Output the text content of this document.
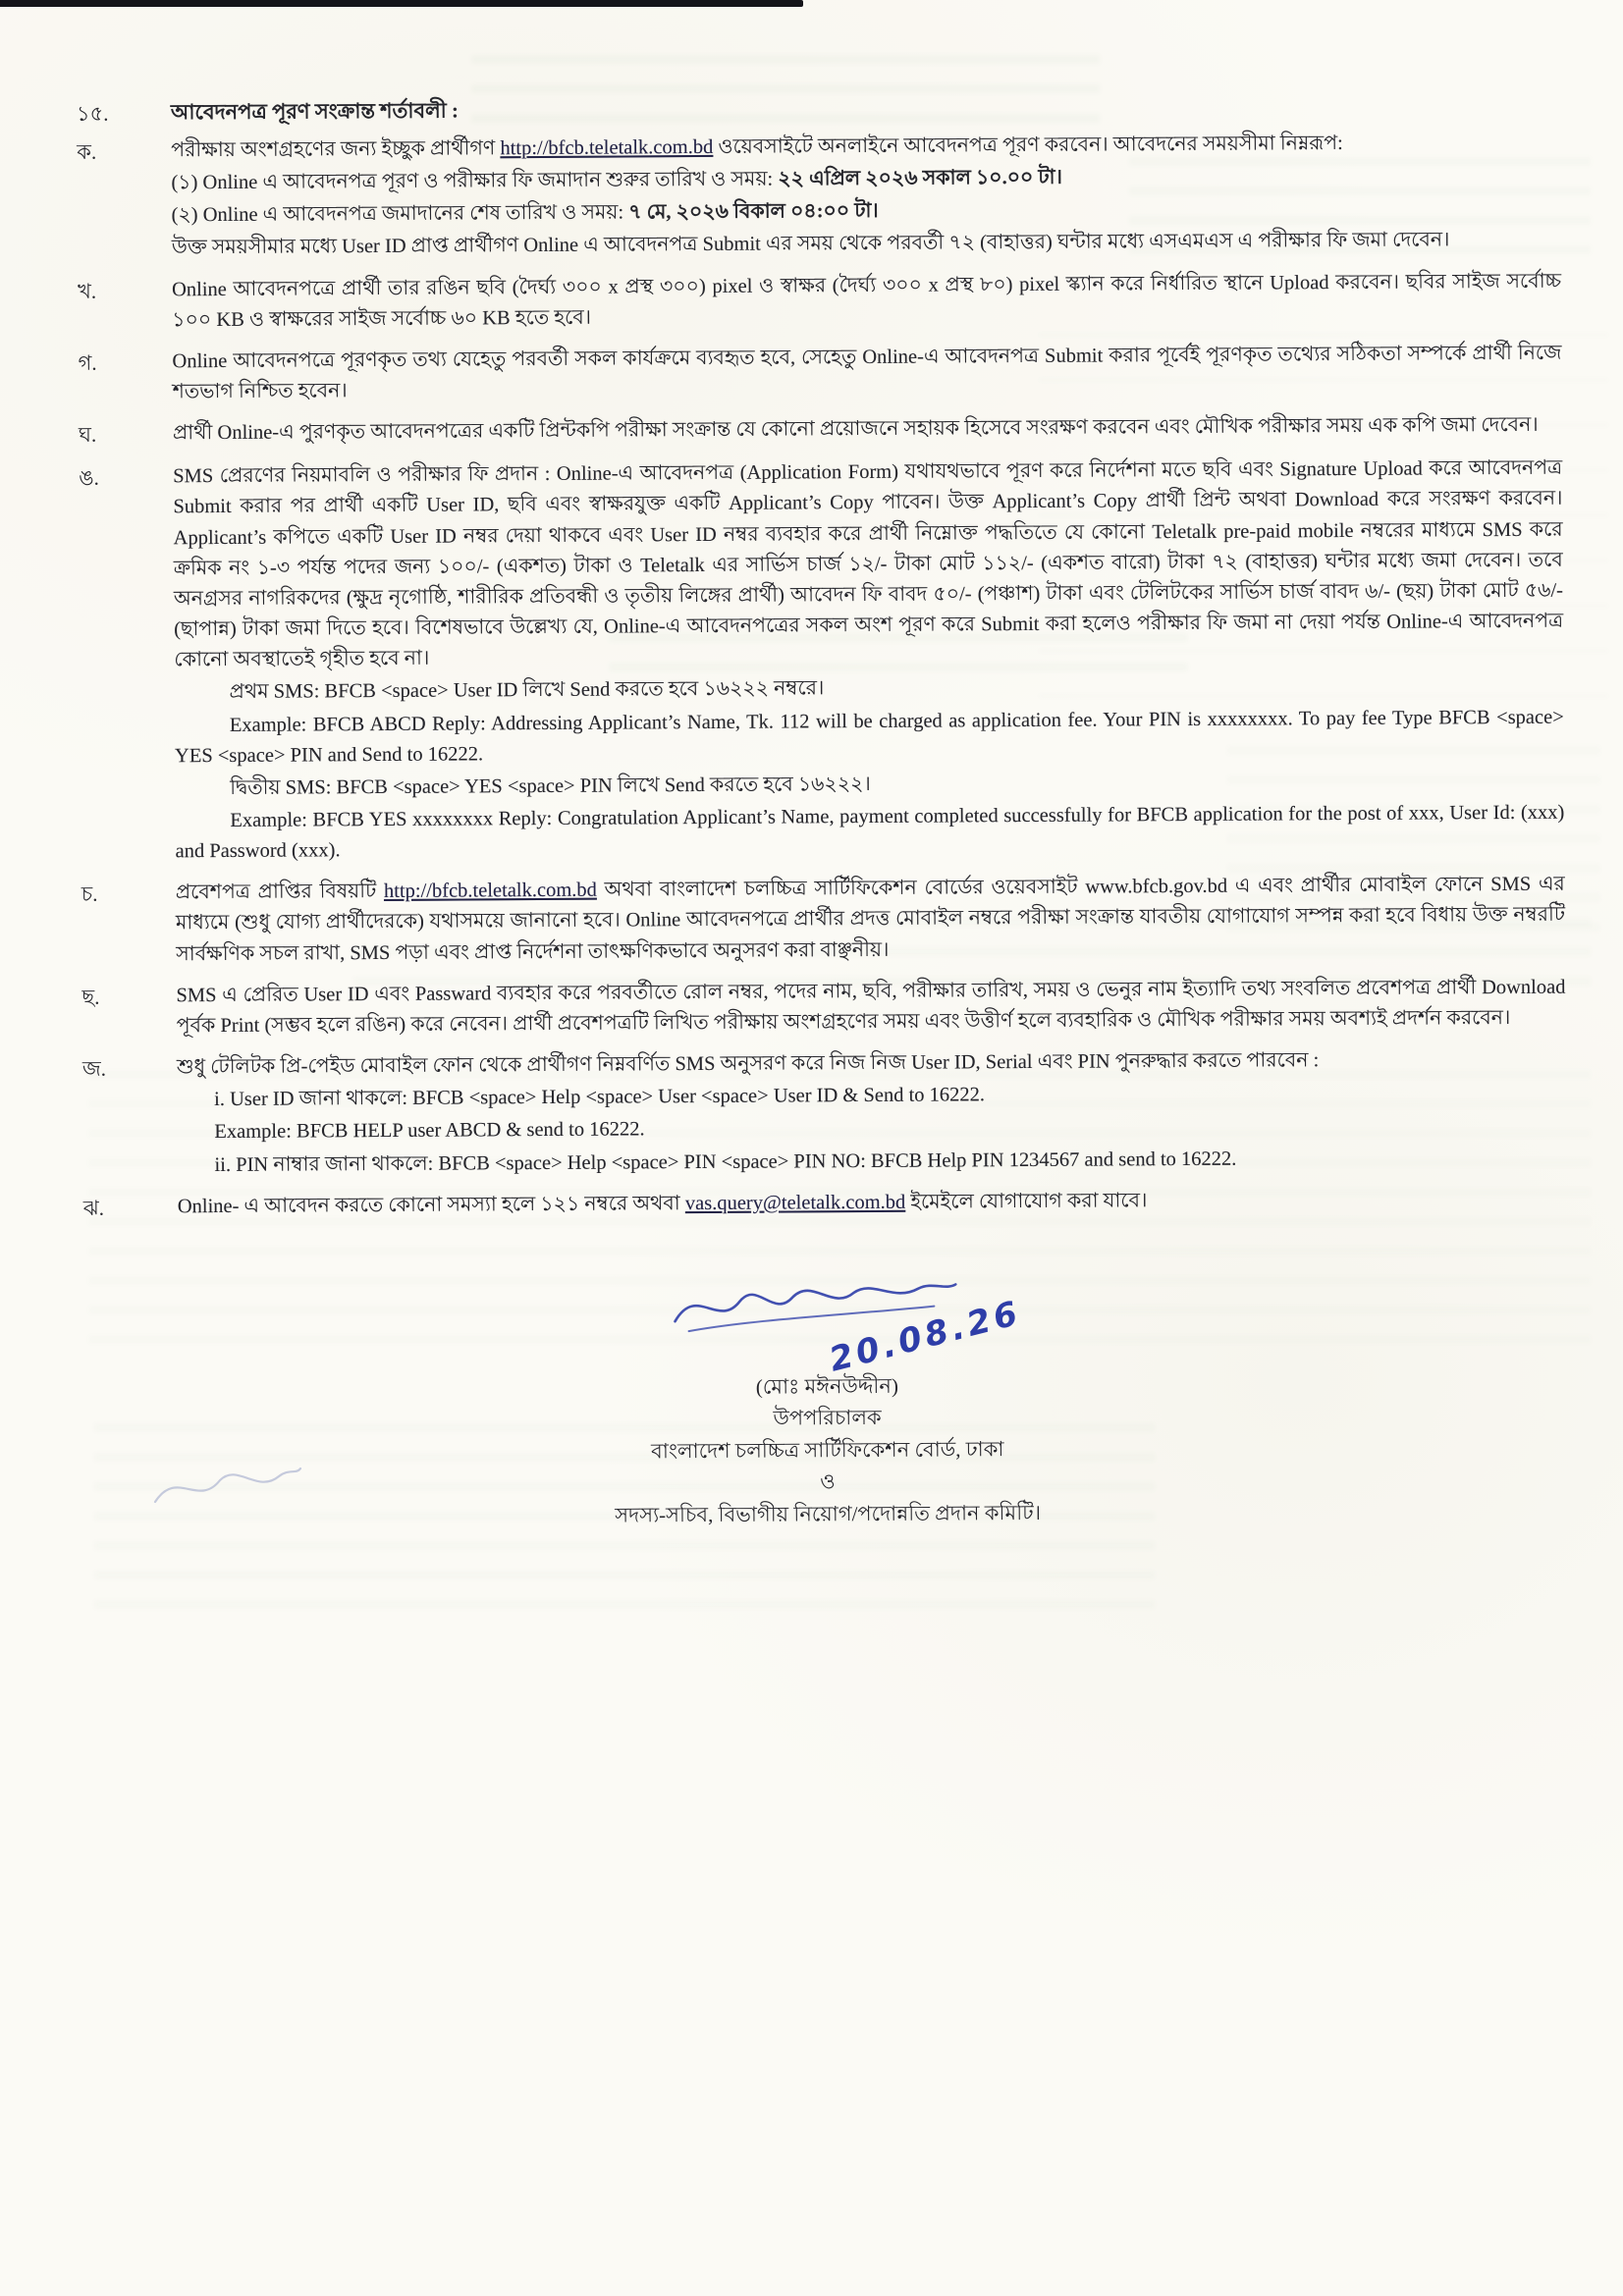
১৫.	আবেদনপত্র পূরণ সংক্রান্ত শর্তাবলী :
ক.	পরীক্ষায় অংশগ্রহণের জন্য ইচ্ছুক প্রার্থীগণ http://bfcb.teletalk.com.bd ওয়েবসাইটে অনলাইনে আবেদনপত্র পূরণ করবেন। আবেদনের সময়সীমা নিম্নরূপ:

(১) Online এ আবেদনপত্র পূরণ ও পরীক্ষার ফি জমাদান শুরুর তারিখ ও সময়: ২২ এপ্রিল ২০২৬ সকাল ১০.০০ টা।

(২) Online এ আবেদনপত্র জমাদানের শেষ তারিখ ও সময়: ৭ মে, ২০২৬ বিকাল ০৪:০০ টা।

উক্ত সময়সীমার মধ্যে User ID প্রাপ্ত প্রার্থীগণ Online এ আবেদনপত্র Submit এর সময় থেকে পরবর্তী ৭২ (বাহাত্তর) ঘন্টার মধ্যে এসএমএস এ পরীক্ষার ফি জমা দেবেন।

খ.	Online আবেদনপত্রে প্রার্থী তার রঙিন ছবি (দৈর্ঘ্য ৩০০ x প্রস্থ ৩০০) pixel ও স্বাক্ষর (দৈর্ঘ্য ৩০০ x প্রস্থ ৮০) pixel স্ক্যান করে নির্ধারিত স্থানে Upload করবেন। ছবির সাইজ সর্বোচ্চ ১০০ KB ও স্বাক্ষরের সাইজ সর্বোচ্চ ৬০ KB হতে হবে।

গ.	Online আবেদনপত্রে পূরণকৃত তথ্য যেহেতু পরবর্তী সকল কার্যক্রমে ব্যবহৃত হবে, সেহেতু Online-এ আবেদনপত্র Submit করার পূর্বেই পূরণকৃত তথ্যের সঠিকতা সম্পর্কে প্রার্থী নিজে শতভাগ নিশ্চিত হবেন।

ঘ.	প্রার্থী Online-এ পুরণকৃত আবেদনপত্রের একটি প্রিন্টকপি পরীক্ষা সংক্রান্ত যে কোনো প্রয়োজনে সহায়ক হিসেবে সংরক্ষণ করবেন এবং মৌখিক পরীক্ষার সময় এক কপি জমা দেবেন।

ঙ.	SMS প্রেরণের নিয়মাবলি ও পরীক্ষার ফি প্রদান : Online-এ আবেদনপত্র (Application Form) যথাযথভাবে পূরণ করে নির্দেশনা মতে ছবি এবং Signature Upload করে আবেদনপত্র Submit করার পর প্রার্থী একটি User ID, ছবি এবং স্বাক্ষরযুক্ত একটি Applicant’s Copy পাবেন। উক্ত Applicant’s Copy প্রার্থী প্রিন্ট অথবা Download করে সংরক্ষণ করবেন। Applicant’s কপিতে একটি User ID নম্বর দেয়া থাকবে এবং User ID নম্বর ব্যবহার করে প্রার্থী নিম্নোক্ত পদ্ধতিতে যে কোনো Teletalk pre-paid mobile নম্বরের মাধ্যমে SMS করে ক্রমিক নং ১-৩ পর্যন্ত পদের জন্য ১০০/- (একশত) টাকা ও Teletalk এর সার্ভিস চার্জ ১২/- টাকা মোট ১১২/- (একশত বারো) টাকা ৭২ (বাহাত্তর) ঘন্টার মধ্যে জমা দেবেন। তবে অনগ্রসর নাগরিকদের (ক্ষুদ্র নৃগোষ্ঠি, শারীরিক প্রতিবন্ধী ও তৃতীয় লিঙ্গের প্রার্থী) আবেদন ফি বাবদ ৫০/- (পঞ্চাশ) টাকা এবং টেলিটকের সার্ভিস চার্জ বাবদ ৬/- (ছয়) টাকা মোট ৫৬/- (ছাপান্ন) টাকা জমা দিতে হবে। বিশেষভাবে উল্লেখ্য যে, Online-এ আবেদনপত্রের সকল অংশ পূরণ করে Submit করা হলেও পরীক্ষার ফি জমা না দেয়া পর্যন্ত Online-এ আবেদনপত্র কোনো অবস্থাতেই গৃহীত হবে না।

প্রথম SMS: BFCB <space> User ID লিখে Send করতে হবে ১৬২২২ নম্বরে।

Example: BFCB ABCD Reply: Addressing Applicant’s Name, Tk. 112 will be charged as application fee. Your PIN is xxxxxxxx. To pay fee Type BFCB <space> YES <space> PIN and Send to 16222.

দ্বিতীয় SMS: BFCB <space> YES <space> PIN লিখে Send করতে হবে ১৬২২২।

Example: BFCB YES xxxxxxxx Reply: Congratulation Applicant’s Name, payment completed successfully for BFCB application for the post of xxx, User Id: (xxx) and Password (xxx).

চ.	প্রবেশপত্র প্রাপ্তির বিষয়টি http://bfcb.teletalk.com.bd অথবা বাংলাদেশ চলচ্চিত্র সার্টিফিকেশন বোর্ডের ওয়েবসাইট www.bfcb.gov.bd এ এবং প্রার্থীর মোবাইল ফোনে SMS এর মাধ্যমে (শুধু যোগ্য প্রার্থীদেরকে) যথাসময়ে জানানো হবে। Online আবেদনপত্রে প্রার্থীর প্রদত্ত মোবাইল নম্বরে পরীক্ষা সংক্রান্ত যাবতীয় যোগাযোগ সম্পন্ন করা হবে বিধায় উক্ত নম্বরটি সার্বক্ষণিক সচল রাখা, SMS পড়া এবং প্রাপ্ত নির্দেশনা তাৎক্ষণিকভাবে অনুসরণ করা বাঞ্ছনীয়।

ছ.	SMS এ প্রেরিত User ID এবং Passward ব্যবহার করে পরবর্তীতে রোল নম্বর, পদের নাম, ছবি, পরীক্ষার তারিখ, সময় ও ভেনুর নাম ইত্যাদি তথ্য সংবলিত প্রবেশপত্র প্রার্থী Download পূর্বক Print (সম্ভব হলে রঙিন) করে নেবেন। প্রার্থী প্রবেশপত্রটি লিখিত পরীক্ষায় অংশগ্রহণের সময় এবং উত্তীর্ণ হলে ব্যবহারিক ও মৌখিক পরীক্ষার সময় অবশ্যই প্রদর্শন করবেন।

জ.	শুধু টেলিটক প্রি-পেইড মোবাইল ফোন থেকে প্রার্থীগণ নিম্নবর্ণিত SMS অনুসরণ করে নিজ নিজ User ID, Serial এবং PIN পুনরুদ্ধার করতে পারবেন :

i. User ID জানা থাকলে: BFCB <space> Help <space> User <space> User ID & Send to 16222.

Example: BFCB HELP user ABCD & send to 16222.

ii. PIN নাম্বার জানা থাকলে: BFCB <space> Help <space> PIN <space> PIN NO: BFCB Help PIN 1234567 and send to 16222.

ঝ.	Online- এ আবেদন করতে কোনো সমস্যা হলে ১২১ নম্বরে অথবা vas.query@teletalk.com.bd ইমেইলে যোগাযোগ করা যাবে।

20.08.26
(মোঃ মঈনউদ্দীন)
উপপরিচালক
বাংলাদেশ চলচ্চিত্র সার্টিফিকেশন বোর্ড, ঢাকা
ও
সদস্য-সচিব, বিভাগীয় নিয়োগ/পদোন্নতি প্রদান কমিটি।
